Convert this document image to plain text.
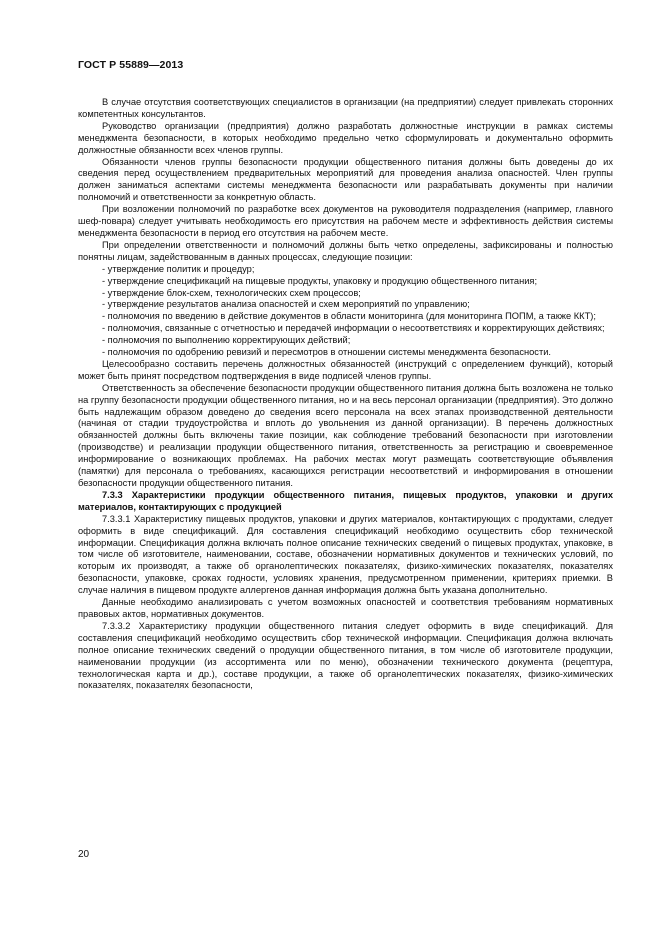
ГОСТ Р 55889—2013

В случае отсутствия соответствующих специалистов в организации (на предприятии) следует привлекать сторонних компетентных консультантов.

Руководство организации (предприятия) должно разработать должностные инструкции в рамках системы менеджмента безопасности, в которых необходимо предельно четко сформулировать и документально оформить должностные обязанности всех членов группы.

Обязанности членов группы безопасности продукции общественного питания должны быть доведены до их сведения перед осуществлением предварительных мероприятий для проведения анализа опасностей. Член группы должен заниматься аспектами системы менеджмента безопасности или разрабатывать документы при наличии полномочий и ответственности за конкретную область.

При возложении полномочий по разработке всех документов на руководителя подразделения (например, главного шеф-повара) следует учитывать необходимость его присутствия на рабочем месте и эффективность действия системы менеджмента безопасности в период его отсутствия на рабочем месте.

При определении ответственности и полномочий должны быть четко определены, зафиксированы и полностью понятны лицам, задействованным в данных процессах, следующие позиции:

- утверждение политик и процедур;

- утверждение спецификаций на пищевые продукты, упаковку и продукцию общественного питания;

- утверждение блок-схем, технологических схем процессов;

- утверждение результатов анализа опасностей и схем мероприятий по управлению;

- полномочия по введению в действие документов в области мониторинга (для мониторинга ПОПМ, а также ККТ);

- полномочия, связанные с отчетностью и передачей информации о несоответствиях и корректирующих действиях;

- полномочия по выполнению корректирующих действий;

- полномочия по одобрению ревизий и пересмотров в отношении системы менеджмента безопасности.

Целесообразно составить перечень должностных обязанностей (инструкций с определением функций), который может быть принят посредством подтверждения в виде подписей членов группы.

Ответственность за обеспечение безопасности продукции общественного питания должна быть возложена не только на группу безопасности продукции общественного питания, но и на весь персонал организации (предприятия). Это должно быть надлежащим образом доведено до сведения всего персонала на всех этапах производственной деятельности (начиная от стадии трудоустройства и вплоть до увольнения из данной организации). В перечень должностных обязанностей должны быть включены такие позиции, как соблюдение требований безопасности при изготовлении (производстве) и реализации продукции общественного питания, ответственность за регистрацию и своевременное информирование о возникающих проблемах. На рабочих местах могут размещать соответствующие объявления (памятки) для персонала о требованиях, касающихся регистрации несоответствий и информирования в отношении безопасности продукции общественного питания.

7.3.3 Характеристики продукции общественного питания, пищевых продуктов, упаковки и других материалов, контактирующих с продукцией

7.3.3.1 Характеристику пищевых продуктов, упаковки и других материалов, контактирующих с продуктами, следует оформить в виде спецификаций. Для составления спецификаций необходимо осуществить сбор технической информации. Спецификация должна включать полное описание технических сведений о пищевых продуктах, упаковке, в том числе об изготовителе, наименовании, составе, обозначении нормативных документов и технических условий, по которым их производят, а также об органолептических показателях, физико-химических показателях, показателях безопасности, упаковке, сроках годности, условиях хранения, предусмотренном применении, критериях приемки. В случае наличия в пищевом продукте аллергенов данная информация должна быть указана дополнительно.

Данные необходимо анализировать с учетом возможных опасностей и соответствия требованиям нормативных правовых актов, нормативных документов.

7.3.3.2 Характеристику продукции общественного питания следует оформить в виде спецификаций. Для составления спецификаций необходимо осуществить сбор технической информации. Спецификация должна включать полное описание технических сведений о продукции общественного питания, в том числе об изготовителе продукции, наименовании продукции (из ассортимента или по меню), обозначении технического документа (рецептура, технологическая карта и др.), составе продукции, а также об органолептических показателях, физико-химических показателях, показателях безопасности,

20
